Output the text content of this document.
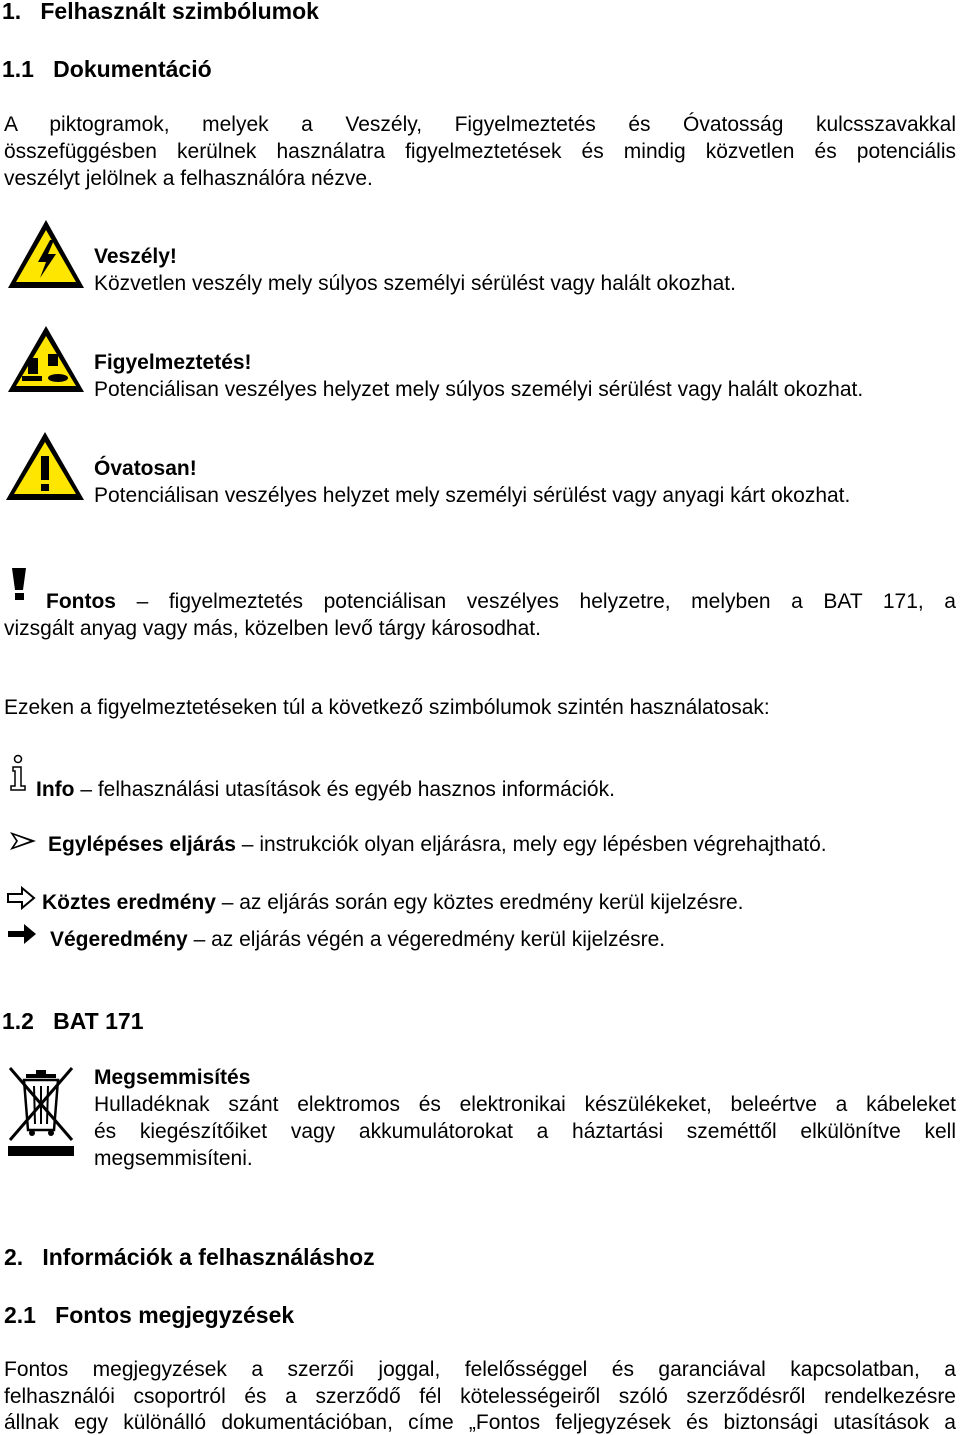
1. Felhasznált szimbólumok
1.1 Dokumentáció
A piktogramok, melyek a Veszély, Figyelmeztetés és Óvatosság kulcsszavakkal
összefüggésben kerülnek használatra figyelmeztetések és mindig közvetlen és potenciális
veszélyt jelölnek a felhasználóra nézve.
Veszély!
Közvetlen veszély mely súlyos személyi sérülést vagy halált okozhat.
Figyelmeztetés!
Potenciálisan veszélyes helyzet mely súlyos személyi sérülést vagy halált okozhat.
Óvatosan!
Potenciálisan veszélyes helyzet mely személyi sérülést vagy anyagi kárt okozhat.
Fontos – figyelmeztetés potenciálisan veszélyes helyzetre, melyben a BAT 171, a
vizsgált anyag vagy más, közelben levő tárgy károsodhat.
Ezeken a figyelmeztetéseken túl a következő szimbólumok szintén használatosak:
Info – felhasználási utasítások és egyéb hasznos információk.
Egylépéses eljárás – instrukciók olyan eljárásra, mely egy lépésben végrehajtható.
Köztes eredmény – az eljárás során egy köztes eredmény kerül kijelzésre.
Végeredmény – az eljárás végén a végeredmény kerül kijelzésre.
1.2 BAT 171
Megsemmisítés
Hulladéknak szánt elektromos és elektronikai készülékeket, beleértve a kábeleket
és kiegészítőiket vagy akkumulátorokat a háztartási szeméttől elkülönítve kell
megsemmisíteni.
2. Információk a felhasználáshoz
2.1 Fontos megjegyzések
Fontos megjegyzések a szerzői joggal, felelősséggel és garanciával kapcsolatban, a
felhasználói csoportról és a szerződő fél kötelességeiről szóló szerződésről rendelkezésre
állnak egy különálló dokumentációban, címe „Fontos feljegyzések és biztonsági utasítások a
